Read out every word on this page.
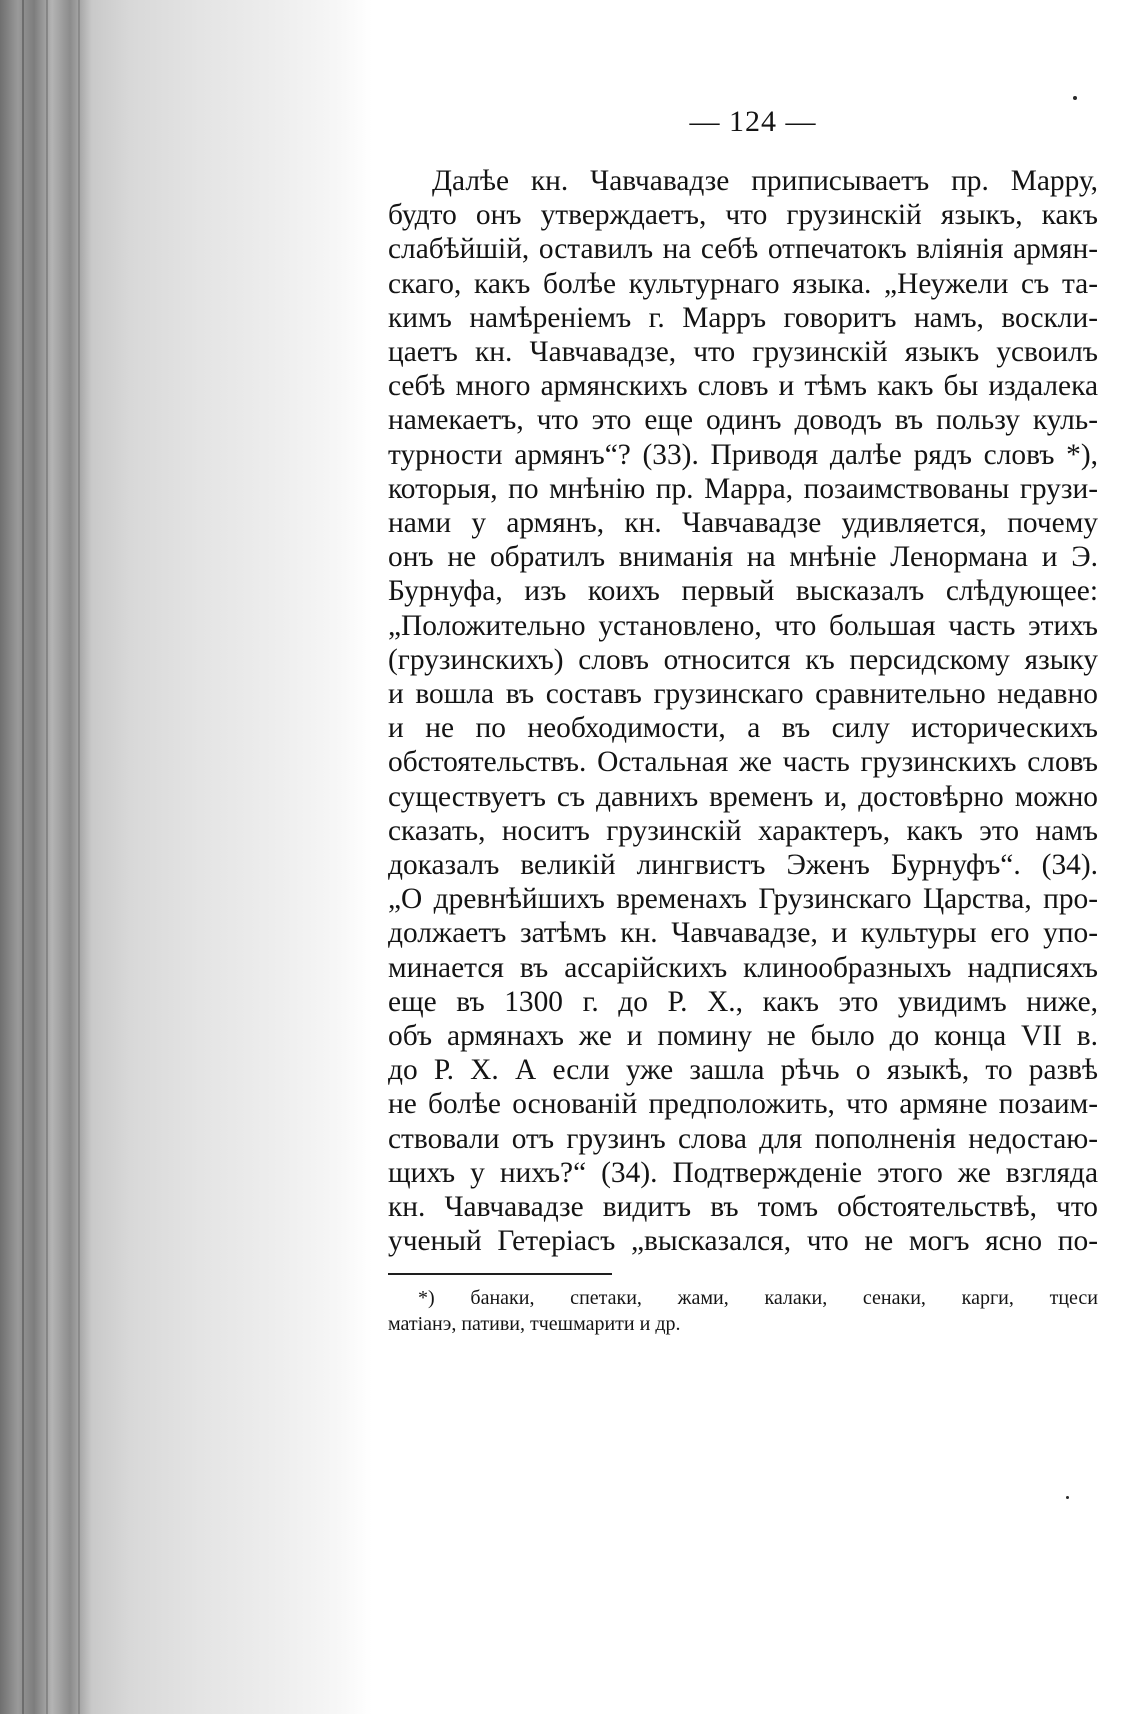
— 124 —
Далѣе кн. Чавчавадзе приписываетъ пр. Марру,
будто онъ утверждаетъ, что грузинскій языкъ, какъ
слабѣйшій, оставилъ на себѣ отпечатокъ вліянія армян-
скаго, какъ болѣе культурнаго языка. „Неужели съ та-
кимъ намѣреніемъ г. Марръ говоритъ намъ, воскли-
цаетъ кн. Чавчавадзе, что грузинскій языкъ усвоилъ
себѣ много армянскихъ словъ и тѣмъ какъ бы издалека
намекаетъ, что это еще одинъ доводъ въ пользу куль-
турности армянъ“? (33). Приводя далѣе рядъ словъ *),
которыя, по мнѣнію пр. Марра, позаимствованы грузи-
нами у армянъ, кн. Чавчавадзе удивляется, почему
онъ не обратилъ вниманія на мнѣніе Ленормана и Э.
Бурнуфа, изъ коихъ первый высказалъ слѣдующее:
„Положительно установлено, что большая часть этихъ
(грузинскихъ) словъ относится къ персидскому языку
и вошла въ составъ грузинскаго сравнительно недавно
и не по необходимости, а въ силу историческихъ
обстоятельствъ. Остальная же часть грузинскихъ словъ
существуетъ съ давнихъ временъ и, достовѣрно можно
сказать, носитъ грузинскій характеръ, какъ это намъ
доказалъ великій лингвистъ Эженъ Бурнуфъ“. (34).
„О древнѣйшихъ временахъ Грузинскаго Царства, про-
должаетъ затѣмъ кн. Чавчавадзе, и культуры его упо-
минается въ ассарійскихъ клинообразныхъ надписяхъ
еще въ 1300 г. до Р. Х., какъ это увидимъ ниже,
объ армянахъ же и помину не было до конца VII в.
до Р. Х. А если уже зашла рѣчь о языкѣ, то развѣ
не болѣе основаній предположить, что армяне позаим-
ствовали отъ грузинъ слова для пополненія недостаю-
щихъ у нихъ?“ (34). Подтвержденіе этого же взгляда
кн. Чавчавадзе видитъ въ томъ обстоятельствѣ, что
ученый Гетеріасъ „высказался, что не могъ ясно по-
*) банаки, спетаки, жами, калаки, сенаки, карги, тцеси
матіанэ, пативи, тчешмарити и др.
